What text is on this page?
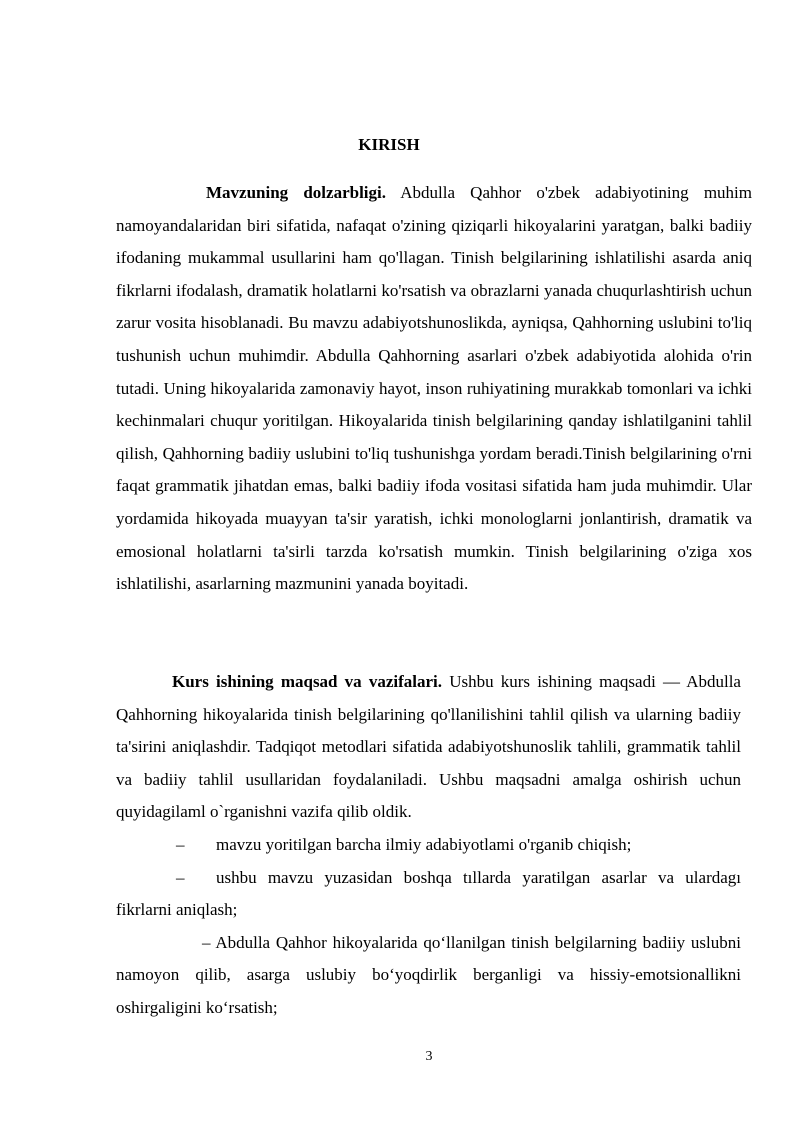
KIRISH

Mavzuning dolzarbligi. Abdulla Qahhor o'zbek adabiyotining muhim namoyandalaridan biri sifatida, nafaqat o'zining qiziqarli hikoyalarini yaratgan, balki badiiy ifodaning mukammal usullarini ham qo'llagan. Tinish belgilarining ishlatilishi asarda aniq fikrlarni ifodalash, dramatik holatlarni ko'rsatish va obrazlarni yanada chuqurlashtirish uchun zarur vosita hisoblanadi. Bu mavzu adabiyotshunoslikda, ayniqsa, Qahhorning uslubini to'liq tushunish uchun muhimdir. Abdulla Qahhorning asarlari o'zbek adabiyotida alohida o'rin tutadi. Uning hikoyalarida zamonaviy hayot, inson ruhiyatining murakkab tomonlari va ichki kechinmalari chuqur yoritilgan. Hikoyalarida tinish belgilarining qanday ishlatilganini tahlil qilish, Qahhorning badiiy uslubini to'liq tushunishga yordam beradi.Tinish belgilarining o'rni faqat grammatik jihatdan emas, balki badiiy ifoda vositasi sifatida ham juda muhimdir. Ular yordamida hikoyada muayyan ta'sir yaratish, ichki monologlarni jonlantirish, dramatik va emosional holatlarni ta'sirli tarzda ko'rsatish mumkin. Tinish belgilarining o'ziga xos ishlatilishi, asarlarning mazmunini yanada boyitadi.

Kurs ishining maqsad va vazifalari. Ushbu kurs ishining maqsadi — Abdulla Qahhorning hikoyalarida tinish belgilarining qo'llanilishini tahlil qilish va ularning badiiy ta'sirini aniqlashdir. Tadqiqot metodlari sifatida adabiyotshunoslik tahlili, grammatik tahlil va badiiy tahlil usullaridan foydalaniladi. Ushbu maqsadni amalga oshirish uchun quyidagilaml o`rganishni vazifa qilib oldik.

– mavzu yoritilgan barcha ilmiy adabiyotlami o'rganib chiqish;

– ushbu mavzu yuzasidan boshqa tıllarda yaratilgan asarlar va ulardagı fikrlarni aniqlash;

– Abdulla Qahhor hikoyalarida qo‘llanilgan tinish belgilarning badiiy uslubni namoyon qilib, asarga uslubiy bo‘yoqdirlik berganligi va hissiy-emotsionallikni oshirgaligini ko‘rsatish;

3
